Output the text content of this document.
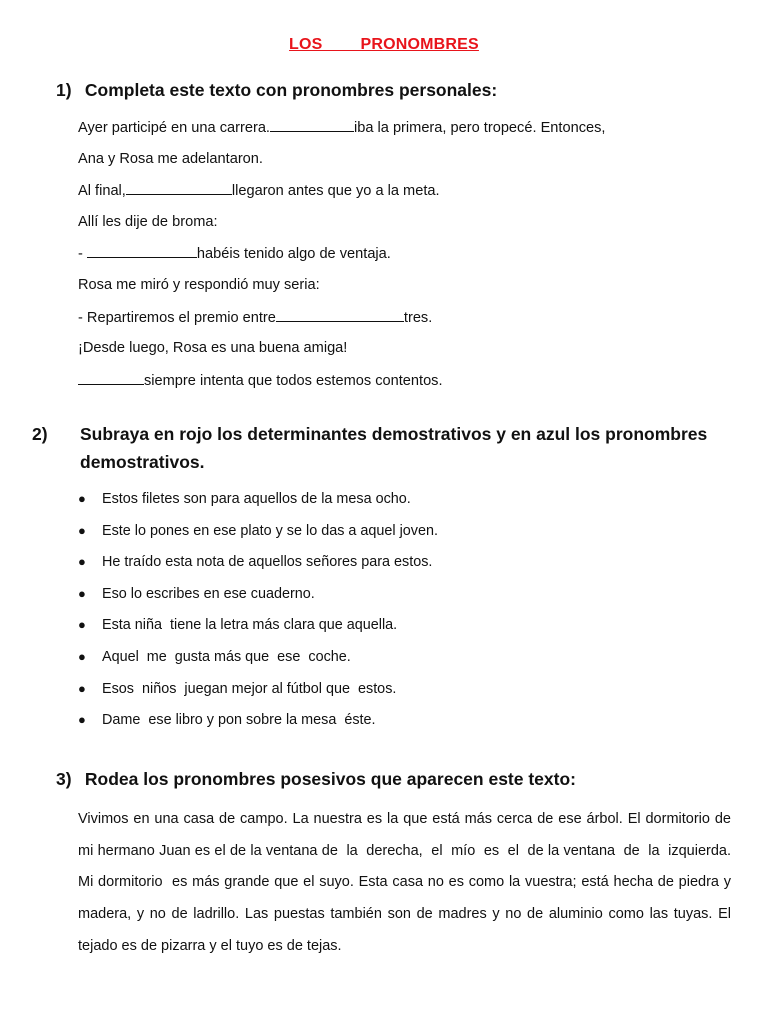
LOS   PRONOMBRES
1) Completa este texto con pronombres personales:
Ayer participé en una carrera.	iba la primera, pero tropecé. Entonces,
Ana y Rosa me adelantaron.
Al final,	llegaron antes que yo a la meta.
Allí les dije de broma:
-	habéis tenido algo de ventaja.
Rosa me miró y respondió muy seria:
- Repartiremos el premio entre	tres.
¡Desde luego, Rosa es una buena amiga!
siempre intenta que todos estemos contentos.
2) Subraya en rojo los determinantes demostrativos y en azul los pronombres demostrativos.
● Estos filetes son para aquellos de la mesa ocho.
● Este lo pones en ese plato y se lo das a aquel joven.
● He traído esta nota de aquellos señores para estos.
● Eso lo escribes en ese cuaderno.
● Esta niña  tiene la letra más clara que aquella.
● Aquel  me  gusta más que  ese  coche.
● Esos  niños  juegan mejor al fútbol que  estos.
● Dame  ese libro y pon sobre la mesa  éste.
3) Rodea los pronombres posesivos que aparecen este texto:
Vivimos en una casa de campo. La nuestra es la que está más cerca de ese árbol. El dormitorio de mi hermano Juan es el de la ventana de  la  derecha,  el  mío  es  el  de la ventana  de  la  izquierda.  Mi dormitorio  es más grande que el suyo. Esta casa no es como la vuestra; está hecha de piedra y madera, y no de ladrillo. Las puestas también son de madres y no de aluminio como las tuyas. El tejado es de pizarra y el tuyo es de tejas.
